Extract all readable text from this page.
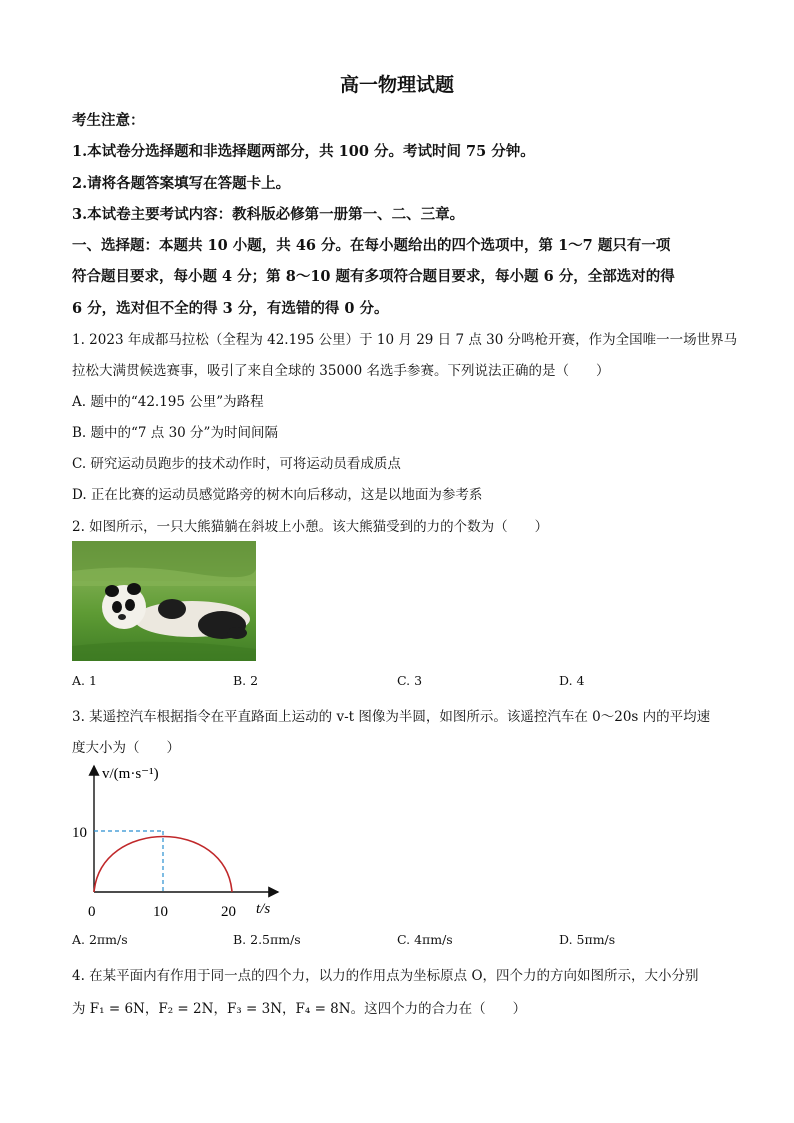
高一物理试题
考生注意：
1.本试卷分选择题和非选择题两部分，共 100 分。考试时间 75 分钟。
2.请将各题答案填写在答题卡上。
3.本试卷主要考试内容：教科版必修第一册第一、二、三章。
一、选择题：本题共 10 小题，共 46 分。在每小题给出的四个选项中，第 1～7 题只有一项
符合题目要求，每小题 4 分；第 8～10 题有多项符合题目要求，每小题 6 分，全部选对的得
6 分，选对但不全的得 3 分，有选错的得 0 分。
1. 2023 年成都马拉松（全程为 42.195 公里）于 10 月 29 日 7 点 30 分鸣枪开赛，作为全国唯一一场世界马
拉松大满贯候选赛事，吸引了来自全球的 35000 名选手参赛。下列说法正确的是（　　）
A. 题中的“42.195 公里”为路程
B. 题中的“7 点 30 分”为时间间隔
C. 研究运动员跑步的技术动作时，可将运动员看成质点
D. 正在比赛的运动员感觉路旁的树木向后移动，这是以地面为参考系
2. 如图所示，一只大熊猫躺在斜坡上小憩。该大熊猫受到的力的个数为（　　）
A. 1	B. 2	C. 3	D. 4
3. 某遥控汽车根据指令在平直路面上运动的 v-t 图像为半圆，如图所示。该遥控汽车在 0～20s 内的平均速
度大小为（　　）
v/(m·s⁻¹)
t/s
0	10	20
10
A. 2πm/s	B. 2.5πm/s	C. 4πm/s	D. 5πm/s
4. 在某平面内有作用于同一点的四个力，以力的作用点为坐标原点 O，四个力的方向如图所示，大小分别
为 F₁ = 6N，F₂ = 2N，F₃ = 3N，F₄ = 8N。这四个力的合力在（　　）
